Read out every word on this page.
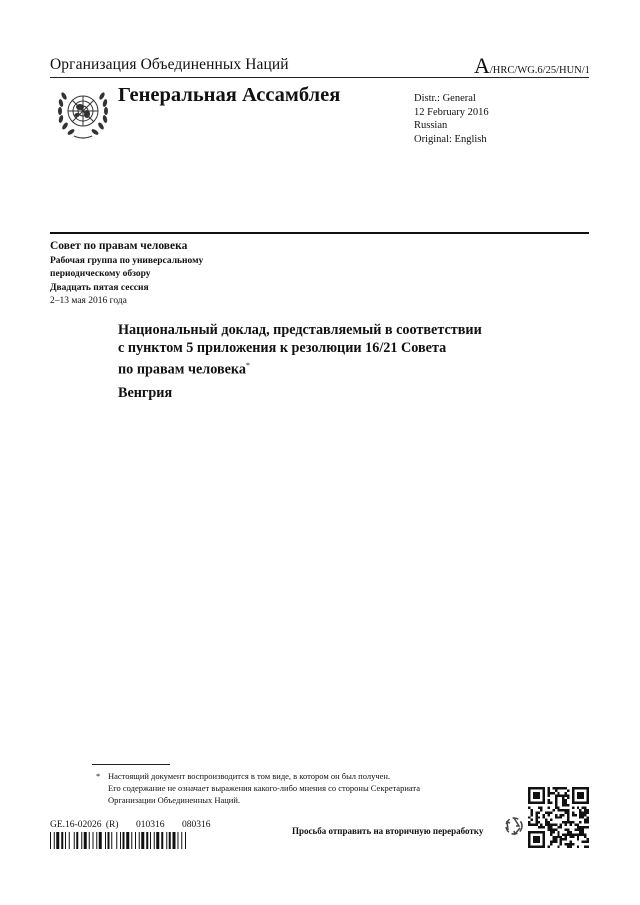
Организация Объединенных Наций	A/HRC/WG.6/25/HUN/1
Генеральная Ассамблея	Distr.: General
12 February 2016
Russian
Original: English
Совет по правам человека
Рабочая группа по универсальному
периодическому обзору
Двадцать пятая сессия
2–13 мая 2016 года
Национальный доклад, представляемый в соответствии
с пунктом 5 приложения к резолюции 16/21 Совета
по правам человека*
Венгрия
* Настоящий документ воспроизводится в том виде, в котором он был получен.
Его содержание не означает выражения какого-либо мнения со стороны Секретариата
Организации Объединенных Наций.
GE.16-02026 (R) 010316 080316
Просьба отправить на вторичную переработку
